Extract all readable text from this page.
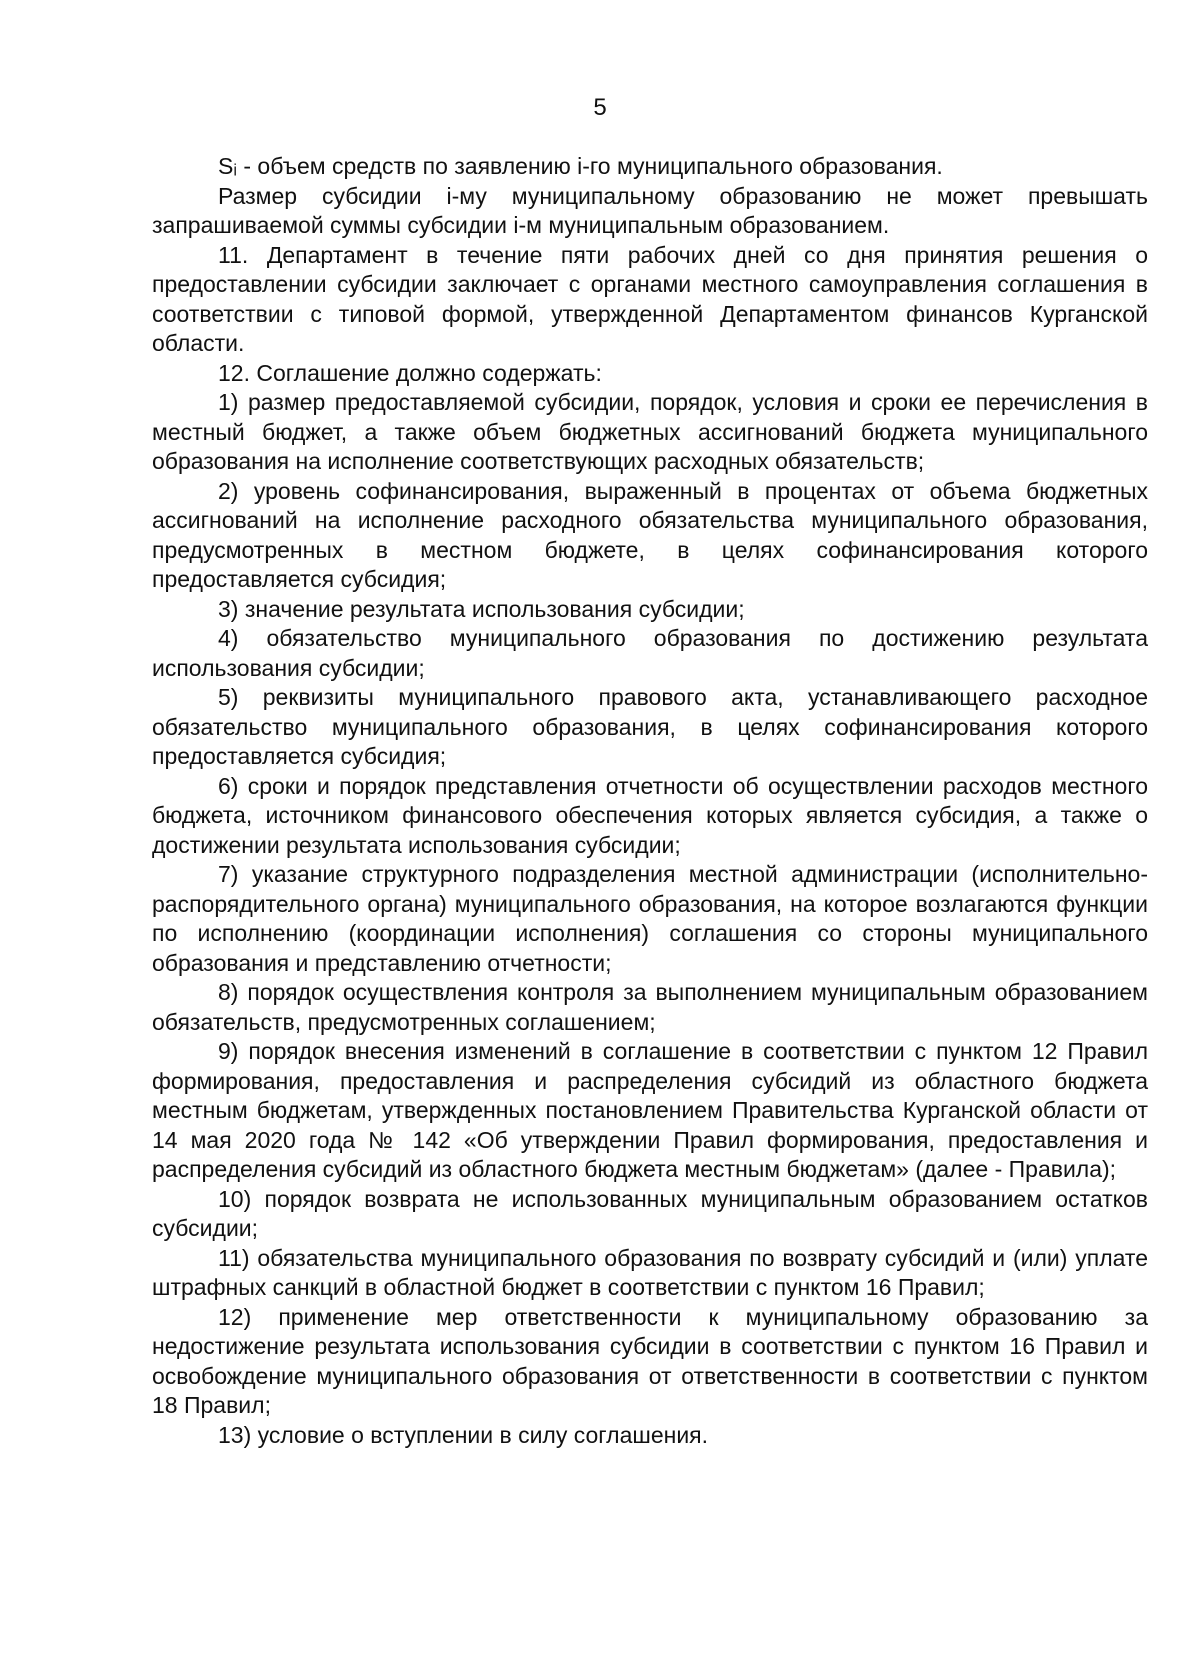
5

Sᵢ - объем средств по заявлению i-го муниципального образования.

Размер субсидии i-му муниципальному образованию не может превышать запрашиваемой суммы субсидии i-м муниципальным образованием.

11. Департамент в течение пяти рабочих дней со дня принятия решения о предоставлении субсидии заключает с органами местного самоуправления соглашения в соответствии с типовой формой, утвержденной Департаментом финансов Курганской области.

12. Соглашение должно содержать:

1) размер предоставляемой субсидии, порядок, условия и сроки ее перечисления в местный бюджет, а также объем бюджетных ассигнований бюджета муниципального образования на исполнение соответствующих расходных обязательств;

2) уровень софинансирования, выраженный в процентах от объема бюджетных ассигнований на исполнение расходного обязательства муниципального образования, предусмотренных в местном бюджете, в целях софинансирования которого предоставляется субсидия;

3) значение результата использования субсидии;

4) обязательство муниципального образования по достижению результата использования субсидии;

5) реквизиты муниципального правового акта, устанавливающего расходное обязательство муниципального образования, в целях софинансирования которого предоставляется субсидия;

6) сроки и порядок представления отчетности об осуществлении расходов местного бюджета, источником финансового обеспечения которых является субсидия, а также о достижении результата использования субсидии;

7) указание структурного подразделения местной администрации (исполнительно-распорядительного органа) муниципального образования, на которое возлагаются функции по исполнению (координации исполнения) соглашения со стороны муниципального образования и представлению отчетности;

8) порядок осуществления контроля за выполнением муниципальным образованием обязательств, предусмотренных соглашением;

9) порядок внесения изменений в соглашение в соответствии с пунктом 12 Правил формирования, предоставления и распределения субсидий из областного бюджета местным бюджетам, утвержденных постановлением Правительства Курганской области от 14 мая 2020 года № 142 «Об утверждении Правил формирования, предоставления и распределения субсидий из областного бюджета местным бюджетам» (далее - Правила);

10) порядок возврата не использованных муниципальным образованием остатков субсидии;

11) обязательства муниципального образования по возврату субсидий и (или) уплате штрафных санкций в областной бюджет в соответствии с пунктом 16 Правил;

12) применение мер ответственности к муниципальному образованию за недостижение результата использования субсидии в соответствии с пунктом 16 Правил и освобождение муниципального образования от ответственности в соответствии с пунктом 18 Правил;

13) условие о вступлении в силу соглашения.
